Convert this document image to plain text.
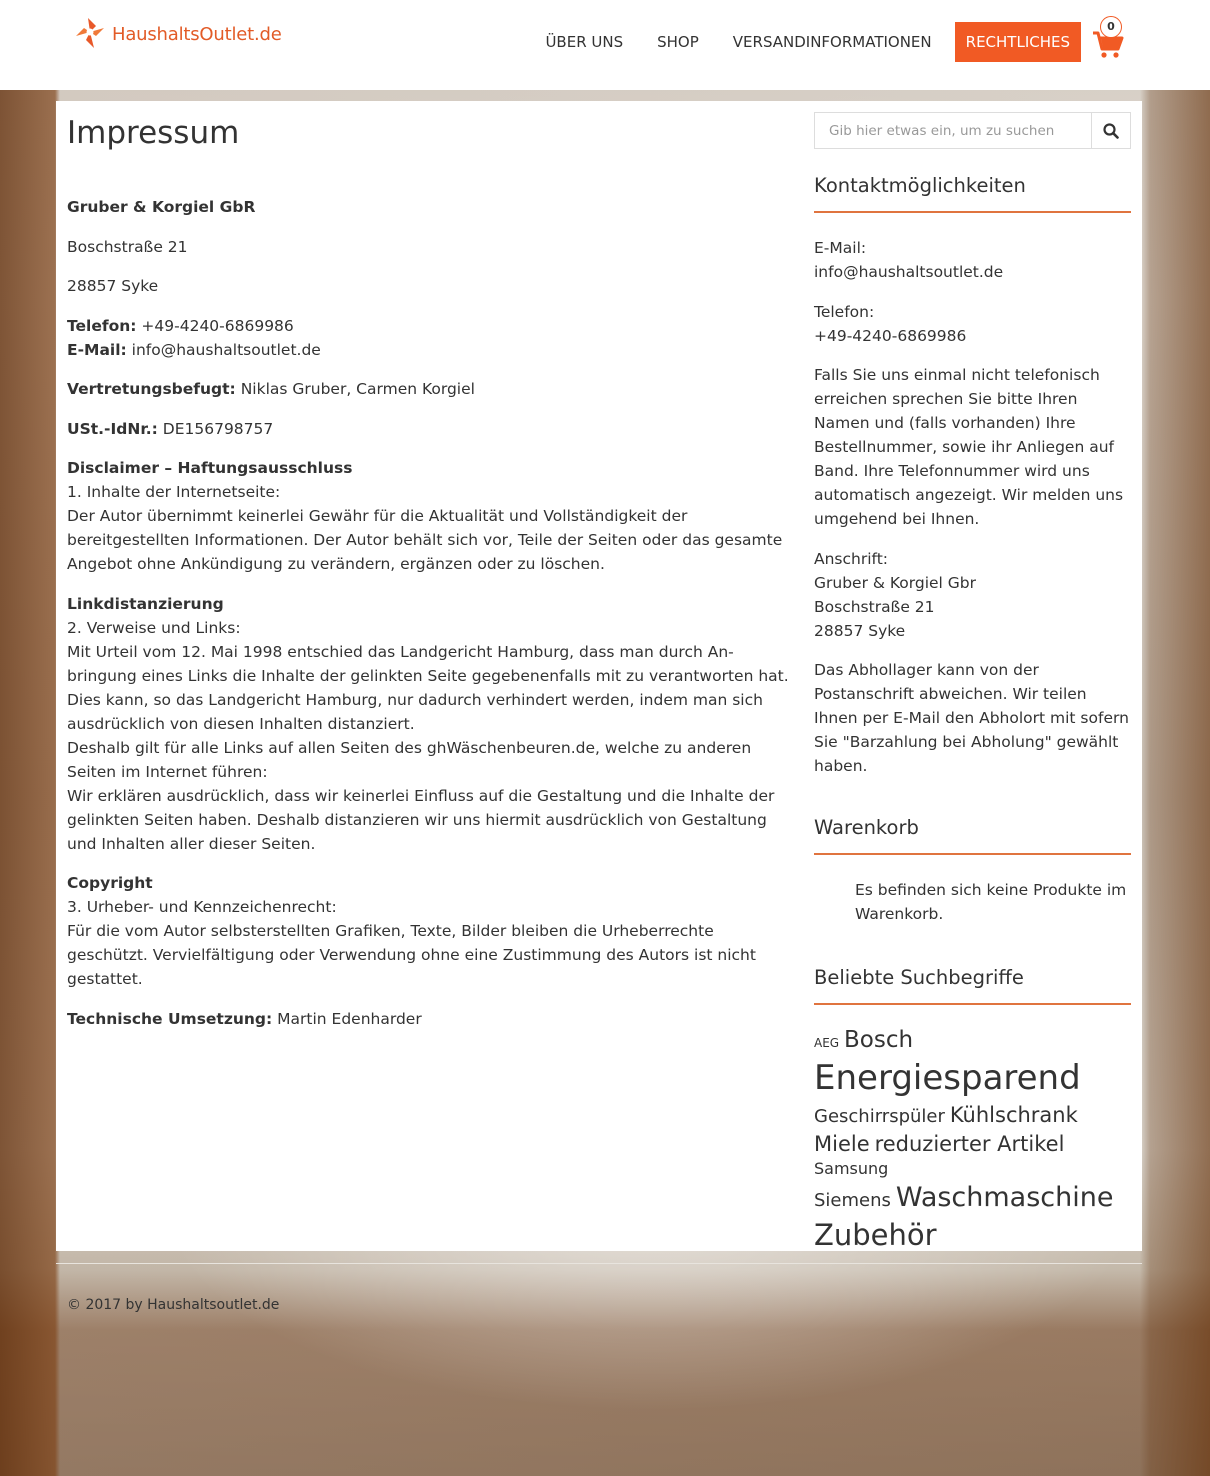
HaushaltsOutlet.de	ÜBER UNS	SHOP	VERSANDINFORMATIONEN	RECHTLICHES
0
Impressum

Gruber & Korgiel GbR

Boschstraße 21

28857 Syke

Telefon: +49-4240-6869986
E-Mail: info@haushaltsoutlet.de

Vertretungsbefugt: Niklas Gruber, Carmen Korgiel

USt.-IdNr.: DE156798757

Disclaimer – Haftungsausschluss
1. Inhalte der Internetseite:
Der Autor übernimmt keinerlei Gewähr für die Aktualität und Vollständigkeit der bereitgestellten Informationen. Der Autor behält sich vor, Teile der Seiten oder das gesamte Angebot ohne Ankündigung zu verändern, ergänzen oder zu löschen.

Linkdistanzierung
2. Verweise und Links:
Mit Urteil vom 12. Mai 1998 entschied das Landgericht Hamburg, dass man durch An-bringung eines Links die Inhalte der gelinkten Seite gegebenenfalls mit zu verantworten hat. Dies kann, so das Landgericht Hamburg, nur dadurch verhindert werden, indem man sich ausdrücklich von diesen Inhalten distanziert.
Deshalb gilt für alle Links auf allen Seiten des ghWäschenbeuren.de, welche zu anderen Seiten im Internet führen:
Wir erklären ausdrücklich, dass wir keinerlei Einfluss auf die Gestaltung und die Inhalte der gelinkten Seiten haben. Deshalb distanzieren wir uns hiermit ausdrücklich von Gestaltung und Inhalten aller dieser Seiten.

Copyright
3. Urheber- und Kennzeichenrecht:
Für die vom Autor selbsterstellten Grafiken, Texte, Bilder bleiben die Urheberrechte geschützt. Vervielfältigung oder Verwendung ohne eine Zustimmung des Autors ist nicht gestattet.

Technische Umsetzung: Martin Edenharder

Gib hier etwas ein, um zu suchen
Kontaktmöglichkeiten

E-Mail:
info@haushaltsoutlet.de

Telefon:
+49-4240-6869986

Falls Sie uns einmal nicht telefonisch erreichen sprechen Sie bitte Ihren Namen und (falls vorhanden) Ihre Bestellnummer, sowie ihr Anliegen auf Band. Ihre Telefonnummer wird uns automatisch angezeigt. Wir melden uns umgehend bei Ihnen.

Anschrift:
Gruber & Korgiel Gbr
Boschstraße 21
28857 Syke

Das Abhollager kann von der Postanschrift abweichen. Wir teilen Ihnen per E-Mail den Abholort mit sofern Sie "Barzahlung bei Abholung" gewählt haben.

Warenkorb
Es befinden sich keine Produkte im Warenkorb.
Beliebte Suchbegriffe
AEG Bosch
Energiesparend
Geschirrspüler Kühlschrank
Miele reduzierter Artikel Samsung
Siemens Waschmaschine
Zubehör
© 2017 by Haushaltsoutlet.de
